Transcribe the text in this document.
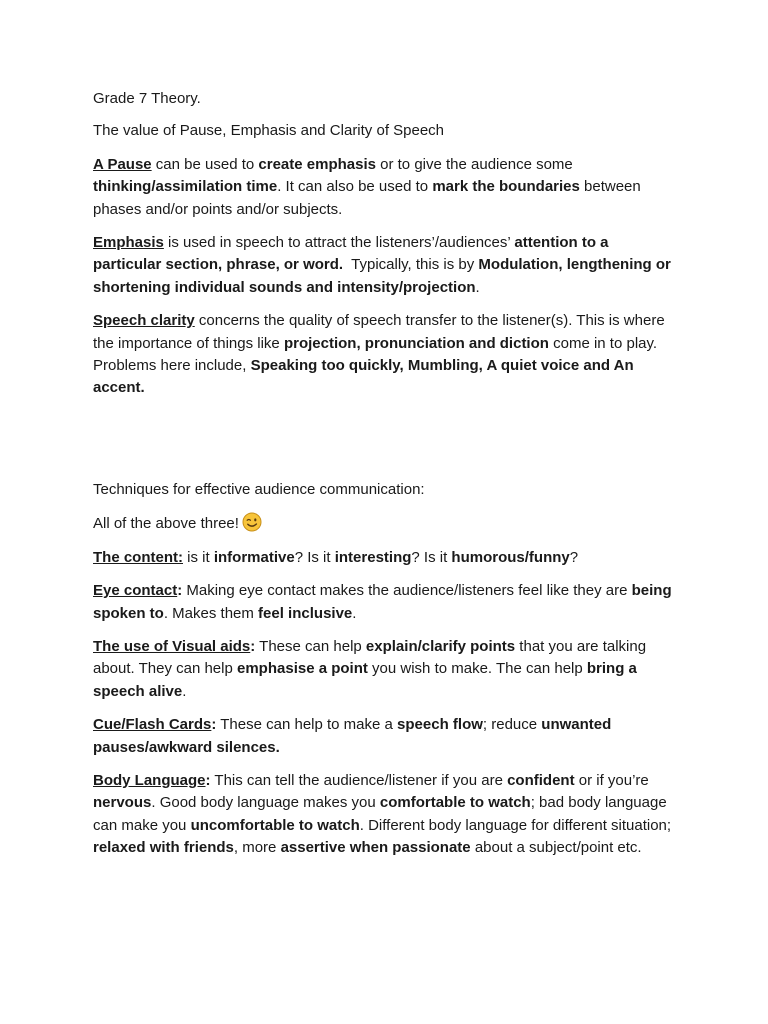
Grade 7 Theory.

The value of Pause, Emphasis and Clarity of Speech

A Pause can be used to create emphasis or to give the audience some thinking/assimilation time. It can also be used to mark the boundaries between phases and/or points and/or subjects.

Emphasis is used in speech to attract the listeners’/audiences’ attention to a particular section, phrase, or word.  Typically, this is by Modulation, lengthening or shortening individual sounds and intensity/projection.

Speech clarity concerns the quality of speech transfer to the listener(s). This is where the importance of things like projection, pronunciation and diction come in to play. Problems here include, Speaking too quickly, Mumbling, A quiet voice and An accent.

Techniques for effective audience communication:

All of the above three!

The content: is it informative? Is it interesting? Is it humorous/funny?

Eye contact: Making eye contact makes the audience/listeners feel like they are being spoken to. Makes them feel inclusive.

The use of Visual aids: These can help explain/clarify points that you are talking about. They can help emphasise a point you wish to make. The can help bring a speech alive.

Cue/Flash Cards: These can help to make a speech flow; reduce unwanted pauses/awkward silences.

Body Language: This can tell the audience/listener if you are confident or if you’re nervous. Good body language makes you comfortable to watch; bad body language can make you uncomfortable to watch. Different body language for different situation; relaxed with friends, more assertive when passionate about a subject/point etc.
